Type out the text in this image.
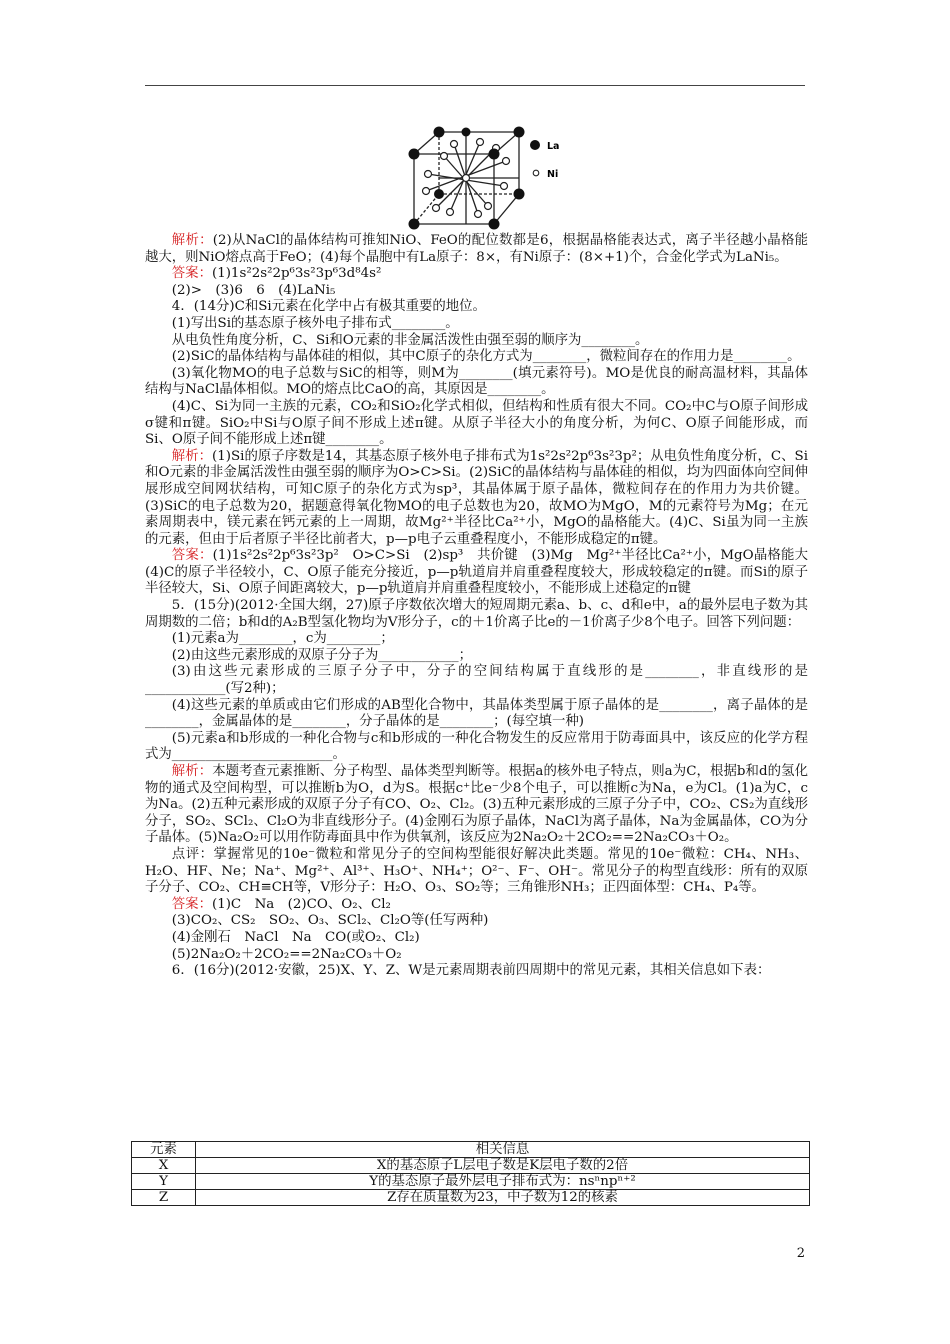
La
Ni

解析：(2)从NaCl的晶体结构可推知NiO、FeO的配位数都是6，根据晶格能表达式，离子半径越小晶格能越大，则NiO熔点高于FeO；(4)每个晶胞中有La原子：8×，有Ni原子：(8×+1)个，合金化学式为LaNi₅。

答案：(1)1s²2s²2p⁶3s²3p⁶3d⁸4s²

(2)>　(3)6　6　(4)LaNi₅

4．(14分)C和Si元素在化学中占有极其重要的地位。

(1)写出Si的基态原子核外电子排布式________。

从电负性角度分析，C、Si和O元素的非金属活泼性由强至弱的顺序为________。

(2)SiC的晶体结构与晶体硅的相似，其中C原子的杂化方式为________，微粒间存在的作用力是________。

(3)氧化物MO的电子总数与SiC的相等，则M为________(填元素符号)。MO是优良的耐高温材料，其晶体结构与NaCl晶体相似。MO的熔点比CaO的高，其原因是________。

(4)C、Si为同一主族的元素，CO₂和SiO₂化学式相似，但结构和性质有很大不同。CO₂中C与O原子间形成σ键和π键。SiO₂中Si与O原子间不形成上述π键。从原子半径大小的角度分析，为何C、O原子间能形成，而Si、O原子间不能形成上述π键________。

解析：(1)Si的原子序数是14，其基态原子核外电子排布式为1s²2s²2p⁶3s²3p²；从电负性角度分析，C、Si和O元素的非金属活泼性由强至弱的顺序为O>C>Si。(2)SiC的晶体结构与晶体硅的相似，均为四面体向空间伸展形成空间网状结构，可知C原子的杂化方式为sp³，其晶体属于原子晶体，微粒间存在的作用力为共价键。(3)SiC的电子总数为20，据题意得氧化物MO的电子总数也为20，故MO为MgO，M的元素符号为Mg；在元素周期表中，镁元素在钙元素的上一周期，故Mg²⁺半径比Ca²⁺小，MgO的晶格能大。(4)C、Si虽为同一主族的元素，但由于后者原子半径比前者大，p—p电子云重叠程度小，不能形成稳定的π键。

答案：(1)1s²2s²2p⁶3s²3p²　O>C>Si　(2)sp³　共价键　(3)Mg　Mg²⁺半径比Ca²⁺小，MgO晶格能大　(4)C的原子半径较小，C、O原子能充分接近，p—p轨道肩并肩重叠程度较大，形成较稳定的π键。而Si的原子半径较大，Si、O原子间距离较大，p—p轨道肩并肩重叠程度较小，不能形成上述稳定的π键

5．(15分)(2012·全国大纲，27)原子序数依次增大的短周期元素a、b、c、d和e中，a的最外层电子数为其周期数的二倍；b和d的A₂B型氢化物均为V形分子，c的＋1价离子比e的－1价离子少8个电子。回答下列问题：

(1)元素a为________，c为________；

(2)由这些元素形成的双原子分子为____________；

(3)由这些元素形成的三原子分子中，分子的空间结构属于直线形的是________，非直线形的是____________(写2种)；

(4)这些元素的单质或由它们形成的AB型化合物中，其晶体类型属于原子晶体的是________，离子晶体的是________，金属晶体的是________，分子晶体的是________；(每空填一种)

(5)元素a和b形成的一种化合物与c和b形成的一种化合物发生的反应常用于防毒面具中，该反应的化学方程式为________________________。

解析：本题考查元素推断、分子构型、晶体类型判断等。根据a的核外电子特点，则a为C，根据b和d的氢化物的通式及空间构型，可以推断b为O，d为S。根据c⁺比e⁻少8个电子，可以推断c为Na，e为Cl。(1)a为C，c为Na。(2)五种元素形成的双原子分子有CO、O₂、Cl₂。(3)五种元素形成的三原子分子中，CO₂、CS₂为直线形分子，SO₂、SCl₂、Cl₂O为非直线形分子。(4)金刚石为原子晶体，NaCl为离子晶体，Na为金属晶体，CO为分子晶体。(5)Na₂O₂可以用作防毒面具中作为供氧剂，该反应为2Na₂O₂＋2CO₂==2Na₂CO₃＋O₂。

点评：掌握常见的10e⁻微粒和常见分子的空间构型能很好解决此类题。常见的10e⁻微粒：CH₄、NH₃、H₂O、HF、Ne；Na⁺、Mg²⁺、Al³⁺、H₃O⁺、NH₄⁺；O²⁻、F⁻、OH⁻。常见分子的构型直线形：所有的双原子分子、CO₂、CH≡CH等，V形分子：H₂O、O₃、SO₂等；三角锥形NH₃；正四面体型：CH₄、P₄等。

答案：(1)C　Na　(2)CO、O₂、Cl₂

(3)CO₂、CS₂　SO₂、O₃、SCl₂、Cl₂O等(任写两种)

(4)金刚石　NaCl　Na　CO(或O₂、Cl₂)

(5)2Na₂O₂＋2CO₂==2Na₂CO₃＋O₂

6．(16分)(2012·安徽，25)X、Y、Z、W是元素周期表前四周期中的常见元素，其相关信息如下表：

元素	相关信息
X	X的基态原子L层电子数是K层电子数的2倍
Y	Y的基态原子最外层电子排布式为：nsⁿnpⁿ⁺²
Z	Z存在质量数为23，中子数为12的核素
2
